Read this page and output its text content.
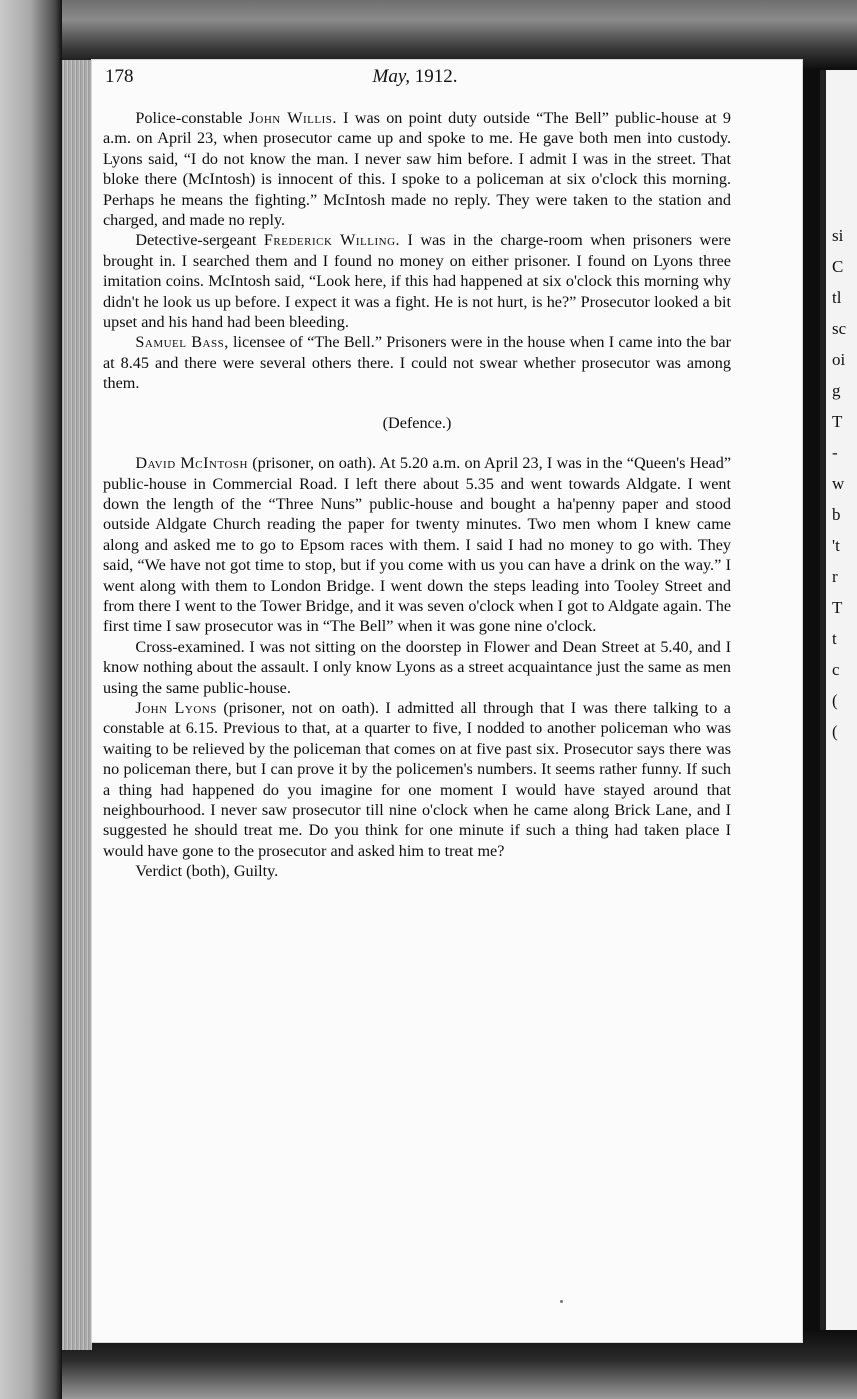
si
C
tl
sc
oi
g
T
-
w
b
't
r
T
t
c
(
(
178	May, 1912.

Police-constable John Willis. I was on point duty outside “The Bell” public-house at 9 a.m. on April 23, when prosecutor came up and spoke to me. He gave both men into custody. Lyons said, “I do not know the man. I never saw him before. I admit I was in the street. That bloke there (McIntosh) is innocent of this. I spoke to a policeman at six o'clock this morning. Perhaps he means the fighting.” McIntosh made no reply. They were taken to the station and charged, and made no reply.

Detective-sergeant Frederick Willing. I was in the charge-room when prisoners were brought in. I searched them and I found no money on either prisoner. I found on Lyons three imitation coins. McIntosh said, “Look here, if this had happened at six o'clock this morning why didn't he look us up before. I expect it was a fight. He is not hurt, is he?” Prosecutor looked a bit upset and his hand had been bleeding.

Samuel Bass, licensee of “The Bell.” Prisoners were in the house when I came into the bar at 8.45 and there were several others there. I could not swear whether prosecutor was among them.

(Defence.)

David McIntosh (prisoner, on oath). At 5.20 a.m. on April 23, I was in the “Queen's Head” public-house in Commercial Road. I left there about 5.35 and went towards Aldgate. I went down the length of the “Three Nuns” public-house and bought a ha'penny paper and stood outside Aldgate Church reading the paper for twenty minutes. Two men whom I knew came along and asked me to go to Epsom races with them. I said I had no money to go with. They said, “We have not got time to stop, but if you come with us you can have a drink on the way.” I went along with them to London Bridge. I went down the steps leading into Tooley Street and from there I went to the Tower Bridge, and it was seven o'clock when I got to Aldgate again. The first time I saw prosecutor was in “The Bell” when it was gone nine o'clock.

Cross-examined. I was not sitting on the doorstep in Flower and Dean Street at 5.40, and I know nothing about the assault. I only know Lyons as a street acquaintance just the same as men using the same public-house.

John Lyons (prisoner, not on oath). I admitted all through that I was there talking to a constable at 6.15. Previous to that, at a quarter to five, I nodded to another policeman who was waiting to be relieved by the policeman that comes on at five past six. Prosecutor says there was no policeman there, but I can prove it by the policemen's numbers. It seems rather funny. If such a thing had happened do you imagine for one moment I would have stayed around that neighbourhood. I never saw prosecutor till nine o'clock when he came along Brick Lane, and I suggested he should treat me. Do you think for one minute if such a thing had taken place I would have gone to the prosecutor and asked him to treat me?

Verdict (both), Guilty.
